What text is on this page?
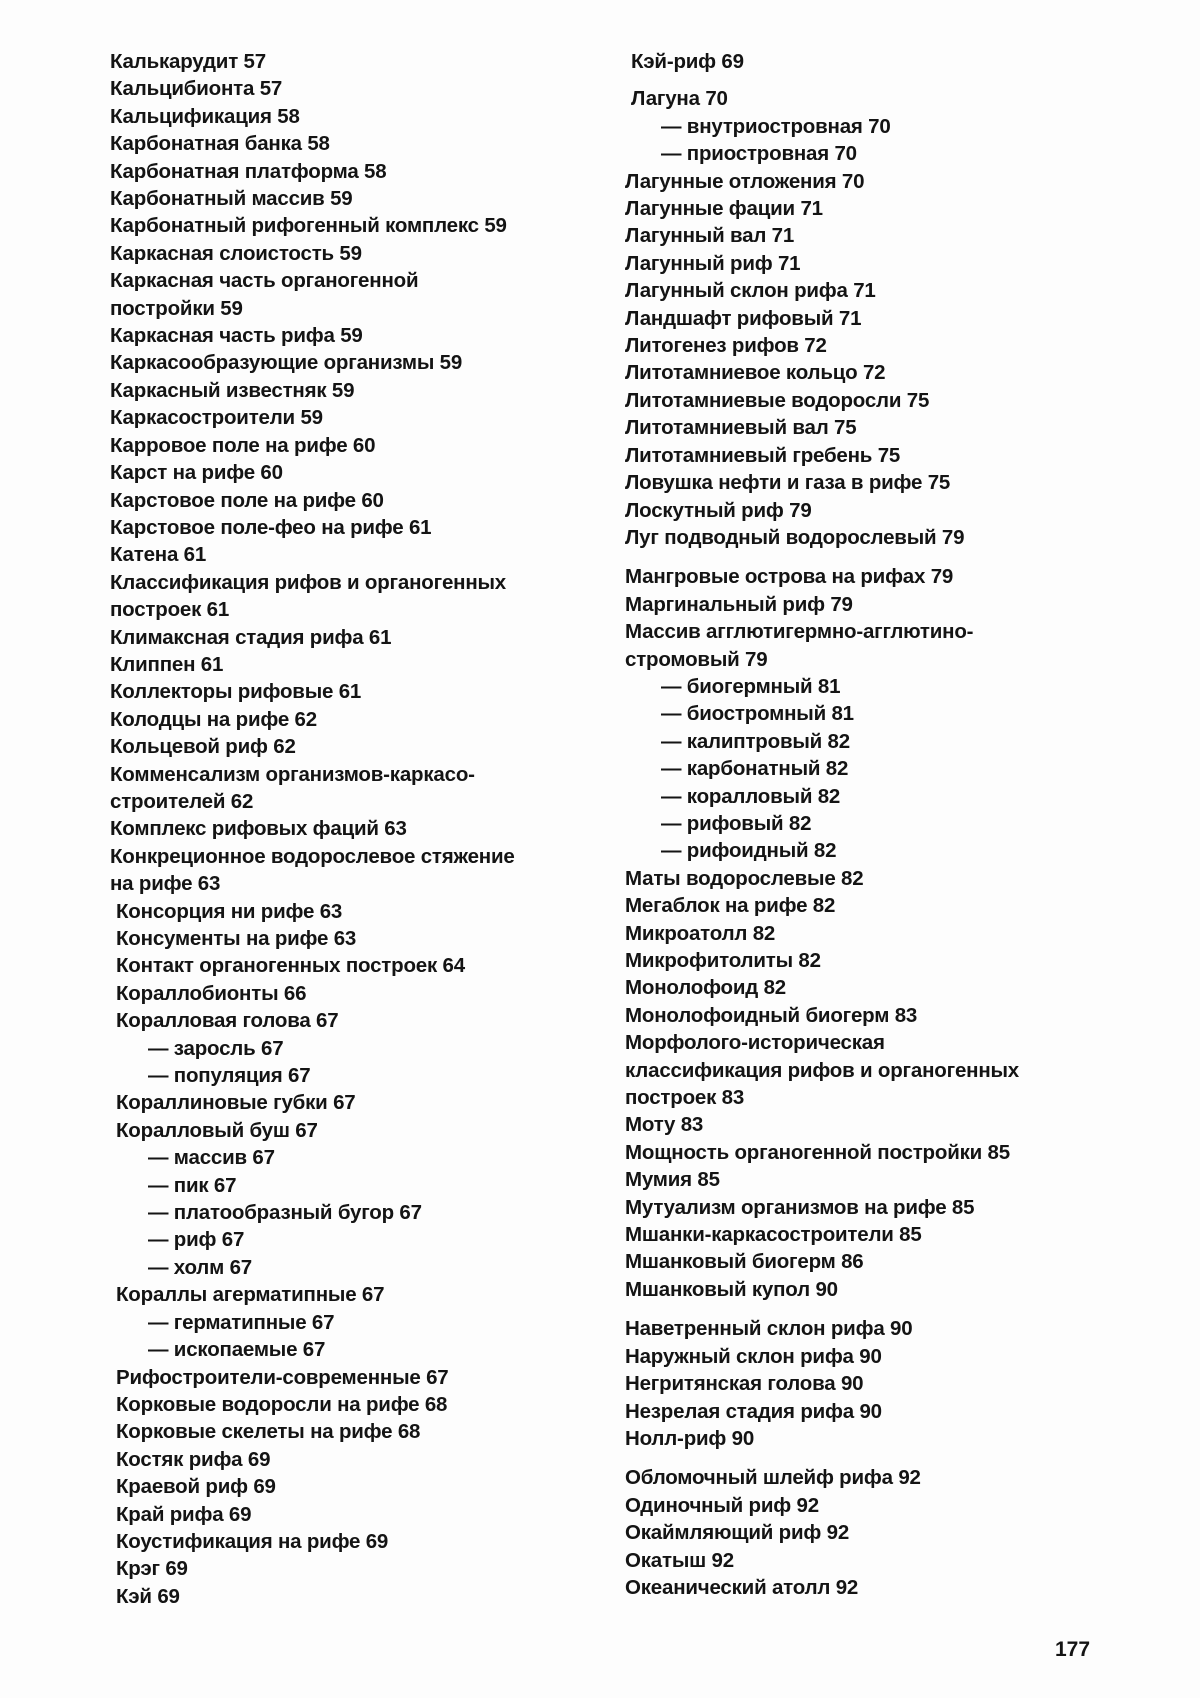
Калькарудит 57
Кальцибионта 57
Кальцификация 58
Карбонатная банка 58
Карбонатная платформа 58
Карбонатный массив 59
Карбонатный рифогенный комплекс 59
Каркасная слоистость 59
Каркасная часть органогенной
постройки 59
Каркасная часть рифа 59
Каркасообразующие организмы 59
Каркасный известняк 59
Каркасостроители 59
Карровое поле на рифе 60
Карст на рифе 60
Карстовое поле на рифе 60
Карстовое поле-фео на рифе 61
Катена 61
Классификация рифов и органогенных
построек 61
Климаксная стадия рифа 61
Клиппен 61
Коллекторы рифовые 61
Колодцы на рифе 62
Кольцевой риф 62
Комменсализм организмов-каркасо-
строителей 62
Комплекс рифовых фаций 63
Конкреционное водорослевое стяжение
на рифе 63
Консорция ни рифе 63
Консументы на рифе 63
Контакт органогенных построек 64
Кораллобионты 66
Коралловая голова 67
— заросль 67
— популяция 67
Кораллиновые губки 67
Коралловый буш 67
— массив 67
— пик 67
— платообразный бугор 67
— риф 67
— холм 67
Кораллы агерматипные 67
— герматипные 67
— ископаемые 67
Рифостроители-современные 67
Корковые водоросли на рифе 68
Корковые скелеты на рифе 68
Костяк рифа 69
Краевой риф 69
Край рифа 69
Коустификация на рифе 69
Крэг 69
Кэй 69
Кэй-риф 69
Лагуна 70
— внутриостровная 70
— приостровная 70
Лагунные отложения 70
Лагунные фации 71
Лагунный вал 71
Лагунный риф 71
Лагунный склон рифа 71
Ландшафт рифовый 71
Литогенез рифов 72
Литотамниевое кольцо 72
Литотамниевые водоросли 75
Литотамниевый вал 75
Литотамниевый гребень 75
Ловушка нефти и газа в рифе 75
Лоскутный риф 79
Луг подводный водорослевый 79
Мангровые острова на рифах 79
Маргинальный риф 79
Массив агглютигермно-агглютино-
стромовый 79
— биогермный 81
— биостромный 81
— калиптровый 82
— карбонатный 82
— коралловый 82
— рифовый 82
— рифоидный 82
Маты водорослевые 82
Мегаблок на рифе 82
Микроатолл 82
Микрофитолиты 82
Монолофоид 82
Монолофоидный биогерм 83
Морфолого-историческая
классификация рифов и органогенных
построек 83
Моту 83
Мощность органогенной постройки 85
Мумия 85
Мутуализм организмов на рифе 85
Мшанки-каркасостроители 85
Мшанковый биогерм 86
Мшанковый купол 90
Наветренный склон рифа 90
Наружный склон рифа 90
Негритянская голова 90
Незрелая стадия рифа 90
Нолл-риф 90
Обломочный шлейф рифа 92
Одиночный риф 92
Окаймляющий риф 92
Окатыш 92
Океанический атолл 92
177
